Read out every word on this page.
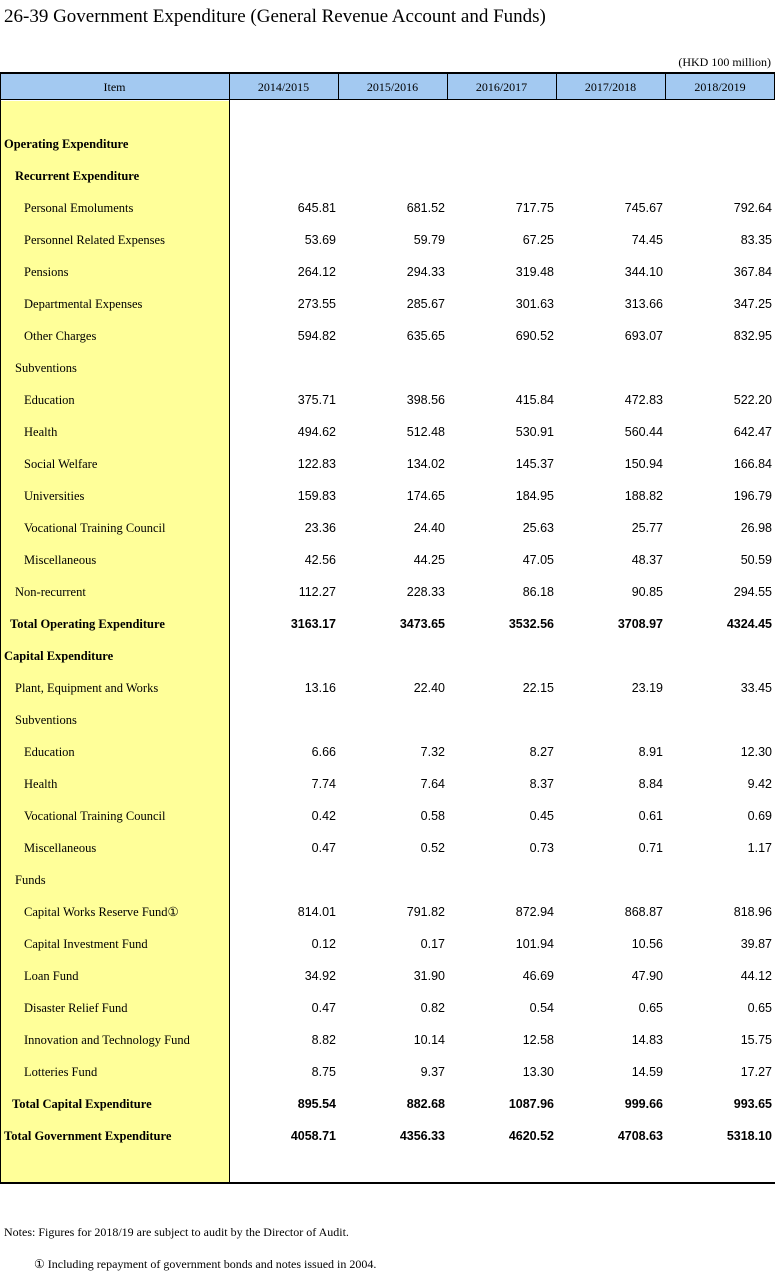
26-39 Government Expenditure (General Revenue Account and Funds)
(HKD 100 million)
Item	2014/2015	2015/2016	2016/2017	2017/2018	2018/2019
Operating Expenditure
Recurrent Expenditure
Personal Emoluments	645.81	681.52	717.75	745.67	792.64
Personnel Related Expenses	53.69	59.79	67.25	74.45	83.35
Pensions	264.12	294.33	319.48	344.10	367.84
Departmental Expenses	273.55	285.67	301.63	313.66	347.25
Other Charges	594.82	635.65	690.52	693.07	832.95
Subventions
Education	375.71	398.56	415.84	472.83	522.20
Health	494.62	512.48	530.91	560.44	642.47
Social Welfare	122.83	134.02	145.37	150.94	166.84
Universities	159.83	174.65	184.95	188.82	196.79
Vocational Training Council	23.36	24.40	25.63	25.77	26.98
Miscellaneous	42.56	44.25	47.05	48.37	50.59
Non-recurrent	112.27	228.33	86.18	90.85	294.55
Total Operating Expenditure	3163.17	3473.65	3532.56	3708.97	4324.45
Capital Expenditure
Plant, Equipment and Works	13.16	22.40	22.15	23.19	33.45
Subventions
Education	6.66	7.32	8.27	8.91	12.30
Health	7.74	7.64	8.37	8.84	9.42
Vocational Training Council	0.42	0.58	0.45	0.61	0.69
Miscellaneous	0.47	0.52	0.73	0.71	1.17
Funds
Capital Works Reserve Fund①	814.01	791.82	872.94	868.87	818.96
Capital Investment Fund	0.12	0.17	101.94	10.56	39.87
Loan Fund	34.92	31.90	46.69	47.90	44.12
Disaster Relief Fund	0.47	0.82	0.54	0.65	0.65
Innovation and Technology Fund	8.82	10.14	12.58	14.83	15.75
Lotteries Fund	8.75	9.37	13.30	14.59	17.27
Total Capital Expenditure	895.54	882.68	1087.96	999.66	993.65
Total Government Expenditure	4058.71	4356.33	4620.52	4708.63	5318.10
Notes: Figures for 2018/19 are subject to audit by the Director of Audit.
① Including repayment of government bonds and notes issued in 2004.
